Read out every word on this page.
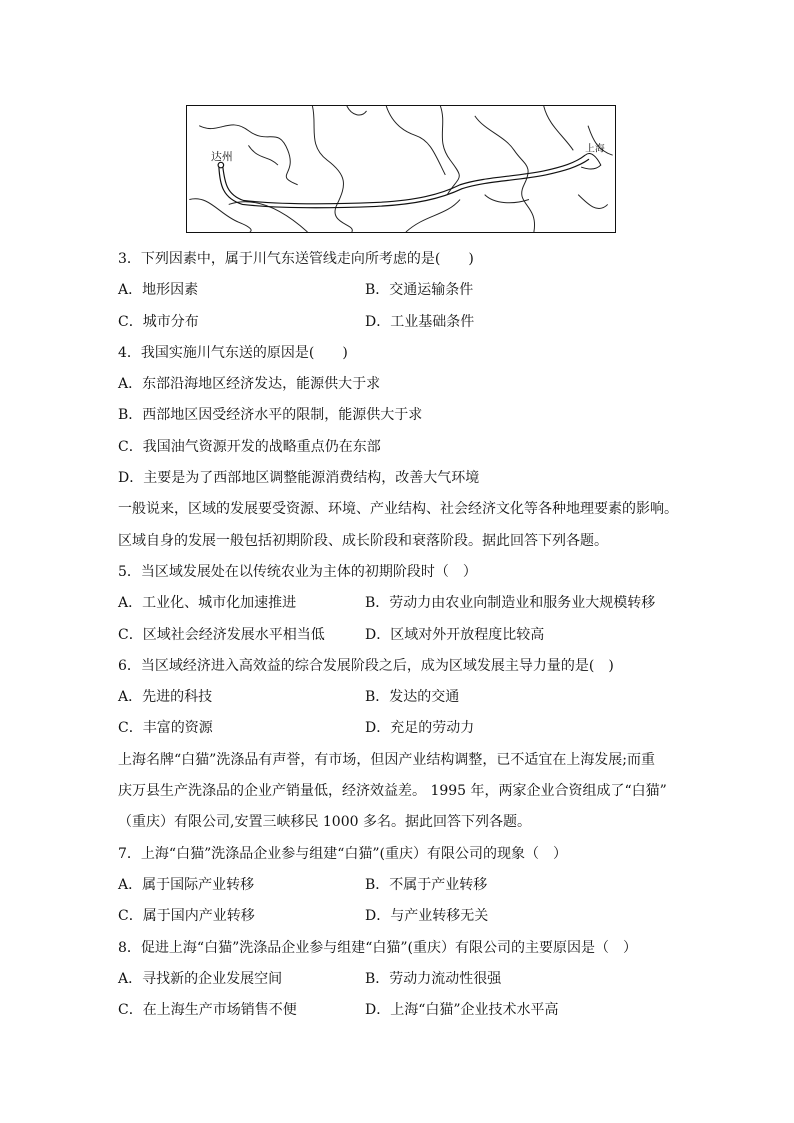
达州
上海
3．下列因素中，属于川气东送管线走向所考虑的是(　　)
A．地形因素	B．交通运输条件
C．城市分布	D．工业基础条件
4．我国实施川气东送的原因是(　　)
A．东部沿海地区经济发达，能源供大于求
B．西部地区因受经济水平的限制，能源供大于求
C．我国油气资源开发的战略重点仍在东部
D．主要是为了西部地区调整能源消费结构，改善大气环境
一般说来，区域的发展要受资源、环境、产业结构、社会经济文化等各种地理要素的影响。
区域自身的发展一般包括初期阶段、成长阶段和衰落阶段。据此回答下列各题。
5．当区域发展处在以传统农业为主体的初期阶段时（　）
A．工业化、城市化加速推进	B．劳动力由农业向制造业和服务业大规模转移
C．区域社会经济发展水平相当低	D．区域对外开放程度比较高
6．当区域经济进入高效益的综合发展阶段之后，成为区域发展主导力量的是(　)
A．先进的科技	B．发达的交通
C．丰富的资源	D．充足的劳动力
上海名牌“白猫”洗涤品有声誉，有市场，但因产业结构调整，已不适宜在上海发展;而重
庆万县生产洗涤品的企业产销量低，经济效益差。 1995 年，两家企业合资组成了“白猫”
（重庆）有限公司,安置三峡移民 1000 多名。据此回答下列各题。
7．上海“白猫”洗涤品企业参与组建“白猫”(重庆）有限公司的现象（　）
A．属于国际产业转移	B．不属于产业转移
C．属于国内产业转移	D．与产业转移无关
8．促进上海“白猫”洗涤品企业参与组建“白猫”(重庆）有限公司的主要原因是（　）
A．寻找新的企业发展空间	B．劳动力流动性很强
C．在上海生产市场销售不便	D．上海“白猫”企业技术水平高
